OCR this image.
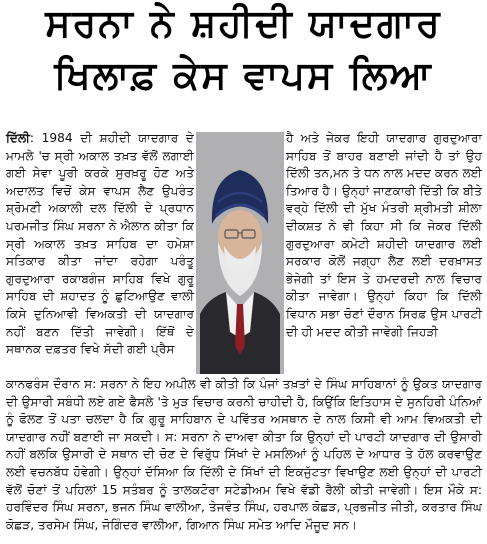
ਸਰਨਾ ਨੇ ਸ਼ਹੀਦੀ ਯਾਦਗਾਰ
ਖਿਲਾਫ਼ ਕੇਸ ਵਾਪਸ ਲਿਆ

ਦਿੱਲੀ: 1984 ਦੀ ਸ਼ਹੀਦੀ ਯਾਦਗਾਰ ਦੇ ਮਾਮਲੇ 'ਚ ਸ੍ਰੀ ਅਕਾਲ ਤਖ਼ਤ ਵੱਲੋਂ ਲਗਾਈ ਗਈ ਸੇਵਾ ਪੂਰੀ ਕਰਕੇ ਸੁਰਖ਼ਰੂ ਹੋਣ ਅਤੇ ਅਦਾਲਤ ਵਿਚੋਂ ਕੇਸ ਵਾਪਸ ਲੈਣ ਉਪਰੰਤ ਸ਼੍ਰੋਮਣੀ ਅਕਾਲੀ ਦਲ ਦਿੱਲੀ ਦੇ ਪ੍ਰਧਾਨ ਪਰਮਜੀਤ ਸਿੰਘ ਸਰਨਾ ਨੇ ਐਲਾਨ ਕੀਤਾ ਕਿ ਸ੍ਰੀ ਅਕਾਲ ਤਖ਼ਤ ਸਾਹਿਬ ਦਾ ਹਮੇਸ਼ਾ ਸਤਿਕਾਰ ਕੀਤਾ ਜਾਂਦਾ ਰਹੇਗਾ ਪਰੰਤੂ ਗੁਰਦੁਆਰਾ ਰਕਾਬਗੰਜ ਸਾਹਿਬ ਵਿਖੇ ਗੁਰੂ ਸਾਹਿਬ ਦੀ ਸ਼ਹਾਦਤ ਨੂੰ ਛੁਟਿਆਉਣ ਵਾਲੀ ਕਿਸੇ ਦੁਨਿਆਵੀ ਵਿਅਕਤੀ ਦੀ ਯਾਦਗਾਰ ਨਹੀਂ ਬਣਨ ਦਿੱਤੀ ਜਾਵੇਗੀ। ਇੱਥੋਂ ਦੇ ਸਥਾਨਕ ਦਫ਼ਤਰ ਵਿਖੇ ਸੱਦੀ ਗਈ ਪ੍ਰੈਸ

ਹੈ ਅਤੇ ਜੇਕਰ ਇਹੀ ਯਾਦਗਾਰ ਗੁਰਦੁਆਰਾ ਸਾਹਿਬ ਤੋਂ ਬਾਹਰ ਬਣਾਈ ਜਾਂਦੀ ਹੈ ਤਾਂ ਉਹ ਦਿੱਲੀ ਤਨ,ਮਨ ਤੇ ਧਨ ਨਾਲ ਮਦਦ ਕਰਨ ਲਈ ਤਿਆਰ ਹੈ। ਉਨ੍ਹਾਂ ਜਾਣਕਾਰੀ ਦਿੱਤੀ ਕਿ ਬੀਤੇ ਵਰ੍ਹੇ ਦਿੱਲੀ ਦੀ ਮੁੱਖ ਮੰਤਰੀ ਸ਼੍ਰੀਮਤੀ ਸ਼ੀਲਾ ਦੀਕਸ਼ਤ ਨੇ ਵੀ ਕਿਹਾ ਸੀ ਕਿ ਜੇਕਰ ਦਿੱਲੀ ਗੁਰਦੁਆਰਾ ਕਮੇਟੀ ਸ਼ਹੀਦੀ ਯਾਦਗਾਰ ਲਈ ਸਰਕਾਰ ਕੋਲੋਂ ਜਗ੍ਹਾ ਲੈਣ ਲਈ ਦਰਖ਼ਾਸਤ ਭੇਜੇਗੀ ਤਾਂ ਇਸ ਤੇ ਹਮਦਰਦੀ ਨਾਲ ਵਿਚਾਰ ਕੀਤਾ ਜਾਵੇਗਾ। ਉਨ੍ਹਾਂ ਕਿਹਾ ਕਿ ਦਿੱਲੀ ਵਿਧਾਨ ਸਭਾ ਚੋਣਾਂ ਦੌਰਾਨ ਸਿਰਫ਼ ਉਸ ਪਾਰਟੀ ਦੀ ਹੀ ਮਦਦ ਕੀਤੀ ਜਾਵੇਗੀ ਜਿਹੜੀ

ਕਾਨਫਰੰਸ ਦੌਰਾਨ ਸ: ਸਰਨਾ ਨੇ ਇਹ ਅਪੀਲ ਵੀ ਕੀਤੀ ਕਿ ਪੰਜਾਂ ਤਖ਼ਤਾਂ ਦੇ ਸਿੰਘ ਸਾਹਿਬਾਨਾਂ ਨੂੰ ਉਕਤ ਯਾਦਗਾਰ ਦੀ ਉਸਾਰੀ ਸਬੰਧੀ ਲਏ ਗਏ ਫੈਸਲੇ 'ਤੇ ਮੁੜ ਵਿਚਾਰ ਕਰਨੀ ਚਾਹੀਦੀ ਹੈ, ਕਿਉਂਕਿ ਇਤਿਹਾਸ ਦੇ ਸੁਨਹਿਰੀ ਪੰਨਿਆਂ ਨੂੰ ਫੋਲਣ ਤੋਂ ਪਤਾ ਚਲਦਾ ਹੈ ਕਿ ਗੁਰੂ ਸਾਹਿਬਾਨ ਦੇ ਪਵਿੱਤਰ ਅਸਥਾਨ ਦੇ ਨਾਲ ਕਿਸੀ ਵੀ ਆਮ ਵਿਅਕਤੀ ਦੀ ਯਾਦਗਾਰ ਨਹੀਂ ਬਣਾਈ ਜਾ ਸਕਦੀ। ਸ: ਸਰਨਾ ਨੇ ਦਾਅਵਾ ਕੀਤਾ ਕਿ ਉਨ੍ਹਾਂ ਦੀ ਪਾਰਟੀ ਯਾਦਗਾਰ ਦੀ ਉਸਾਰੀ ਨਹੀਂ ਬਲਕਿ ਉਸਾਰੀ ਦੇ ਸਥਾਨ ਦੀ ਚੋਣ ਦੇ ਵਿਰੁੱਧ ਸਿੱਖਾਂ ਦੇ ਮਸਲਿਆਂ ਨੂੰ ਪਹਿਲ ਦੇ ਆਧਾਰ ਤੇ ਹੱਲ ਕਰਵਾਉਣ ਲਈ ਵਚਨਬੱਧ ਹੋਵੇਗੀ। ਉਨ੍ਹਾਂ ਦੱਸਿਆ ਕਿ ਦਿੱਲੀ ਦੇ ਸਿੱਖਾਂ ਦੀ ਇਕਜੁੱਟਤਾ ਵਿਖਾਉਣ ਲਈ ਉਨ੍ਹਾਂ ਦੀ ਪਾਰਟੀ ਵੱਲੋਂ ਚੋਣਾਂ ਤੋਂ ਪਹਿਲਾਂ 15 ਸਤੰਬਰ ਨੂੰ ਤਾਲਕਟੋਰਾ ਸਟੇਡੀਅਮ ਵਿਖੇ ਵੱਡੀ ਰੈਲੀ ਕੀਤੀ ਜਾਵੇਗੀ। ਇਸ ਮੌਕੇ ਸ: ਹਰਵਿੰਦਰ ਸਿੰਘ ਸਰਨਾ, ਭਜਨ ਸਿੰਘ ਵਾਲੀਆ, ਤੇਜਵੰਤ ਸਿੰਘ, ਹਰਪਾਲ ਕੋਛੜ, ਪ੍ਰਭਜੀਤ ਜੀਤੀ, ਕਰਤਾਰ ਸਿੰਘ ਕੋਛੜ, ਤਰਸੇਮ ਸਿੰਘ, ਜੋਗਿੰਦਰ ਵਾਲੀਆ, ਗਿਆਨ ਸਿੰਘ ਸਮੇਤ ਆਦਿ ਮੌਜੂਦ ਸਨ।
